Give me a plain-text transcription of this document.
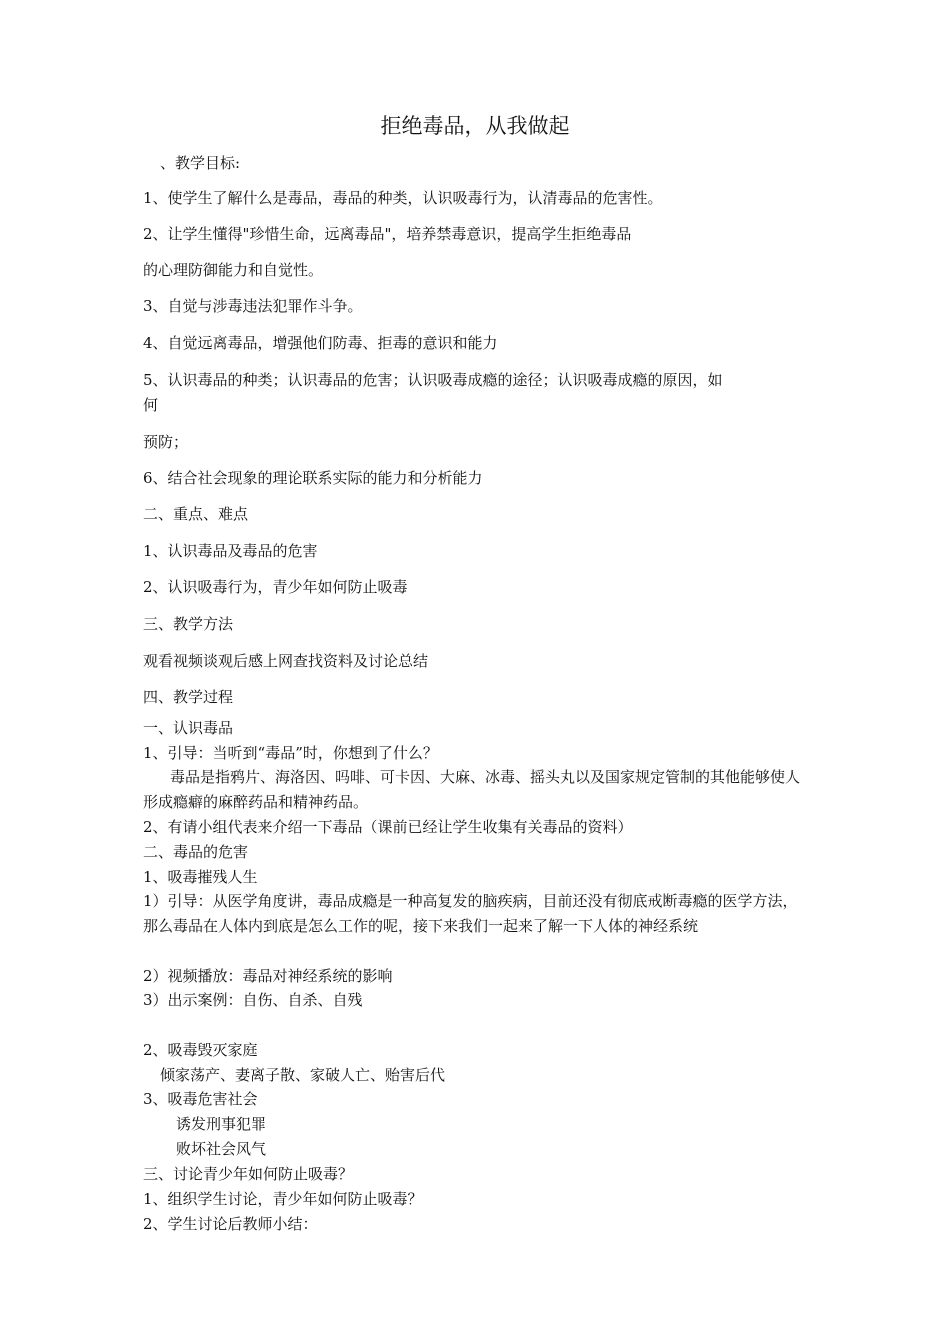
拒绝毒品，从我做起
、教学目标:
1、使学生了解什么是毒品，毒品的种类，认识吸毒行为，认清毒品的危害性。
2、让学生懂得"珍惜生命，远离毒品"，培养禁毒意识，提高学生拒绝毒品
的心理防御能力和自觉性。
3、自觉与涉毒违法犯罪作斗争。
4、自觉远离毒品，增强他们防毒、拒毒的意识和能力
5、认识毒品的种类；认识毒品的危害；认识吸毒成瘾的途径；认识吸毒成瘾的原因，如
何
预防；
6、结合社会现象的理论联系实际的能力和分析能力
二、重点、难点
1、认识毒品及毒品的危害
2、认识吸毒行为，青少年如何防止吸毒
三、教学方法
观看视频谈观后感上网查找资料及讨论总结
四、教学过程
一、认识毒品
1、引导：当听到“毒品”时，你想到了什么？
毒品是指鸦片、海洛因、吗啡、可卡因、大麻、冰毒、摇头丸以及国家规定管制的其他能够使人形成瘾癖的麻醉药品和精神药品。
2、有请小组代表来介绍一下毒品（课前已经让学生收集有关毒品的资料）
二、毒品的危害
1、吸毒摧残人生
1）引导：从医学角度讲，毒品成瘾是一种高复发的脑疾病，目前还没有彻底戒断毒瘾的医学方法，那么毒品在人体内到底是怎么工作的呢，接下来我们一起来了解一下人体的神经系统
2）视频播放：毒品对神经系统的影响
3）出示案例：自伤、自杀、自残
2、吸毒毁灭家庭
倾家荡产、妻离子散、家破人亡、贻害后代
3、吸毒危害社会
诱发刑事犯罪
败坏社会风气
三、讨论青少年如何防止吸毒？
1、组织学生讨论，青少年如何防止吸毒？
2、学生讨论后教师小结：
